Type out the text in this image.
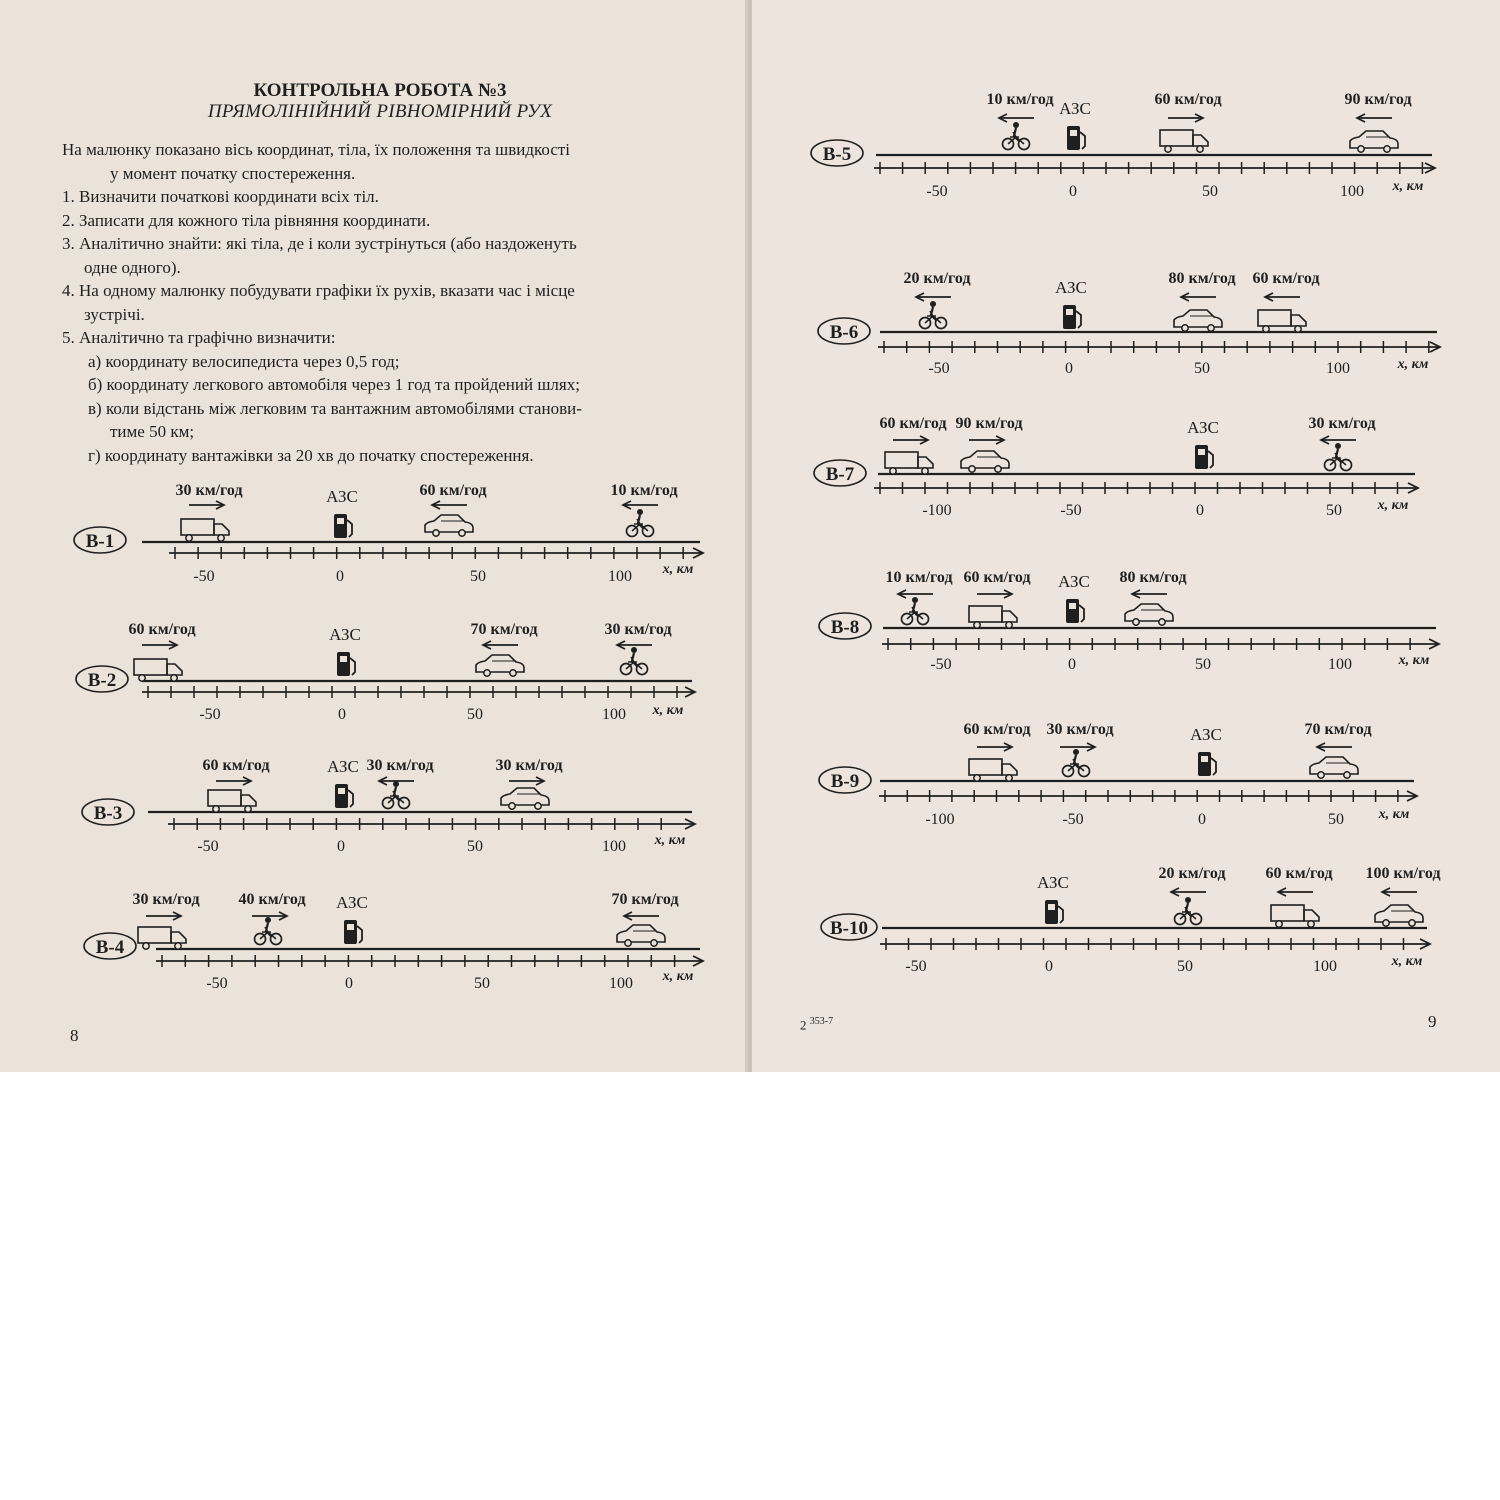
КОНТРОЛЬНА РОБОТА №3
ПРЯМОЛІНІЙНИЙ РІВНОМІРНИЙ РУХ

На малюнку показано вісь координат, тіла, їх положення та швидкості

у момент початку спостереження.

1. Визначити початкові координати всіх тіл.

2. Записати для кожного тіла рівняння координати.

3. Аналітично знайти: які тіла, де і коли зустрінуться (або наздоженуть

одне одного).

4. На одному малюнку побудувати графіки їх рухів, вказати час і місце

зустрічі.

5. Аналітично та графічно визначити:

а) координату велосипедиста через 0,5 год;

б) координату легкового автомобіля через 1 год та пройдений шлях;

в) коли відстань між легковим та вантажним автомобілями станови-

тиме 50 км;

г) координату вантажівки за 20 хв до початку спостереження.

8
2 $^{353-7}$	9
В-1
-50	0	50	100 х, км
АЗС
30 км/год	60 км/год	10 км/год
В-2
-50	0	50	100 х, км
АЗС
60 км/год	70 км/год	30 км/год
В-3
-50	0	50	100 х, км
АЗС
60 км/год	30 км/год	30 км/год
В-4
-50	0	50	100 х, км
АЗС
30 км/год 40 км/год	70 км/год
В-5
-50	0	50	100 х, км
АЗС
10 км/год	60 км/год	90 км/год
В-6
-50	0	50	100	х, км
АЗС
20 км/год	80 км/год 60 км/год
В-7
-100	-50	0	50	х, км
АЗС
60 км/год 90 км/год	30 км/год
В-8
-50	0	50	100	х, км
АЗС
10 км/год 60 км/год	80 км/год
В-9
-100	-50	0	50 х, км
АЗС
60 км/год 30 км/год	70 км/год
В-10
-50	0	50	100	х, км
АЗС	20 км/год 60 км/год 100 км/год
